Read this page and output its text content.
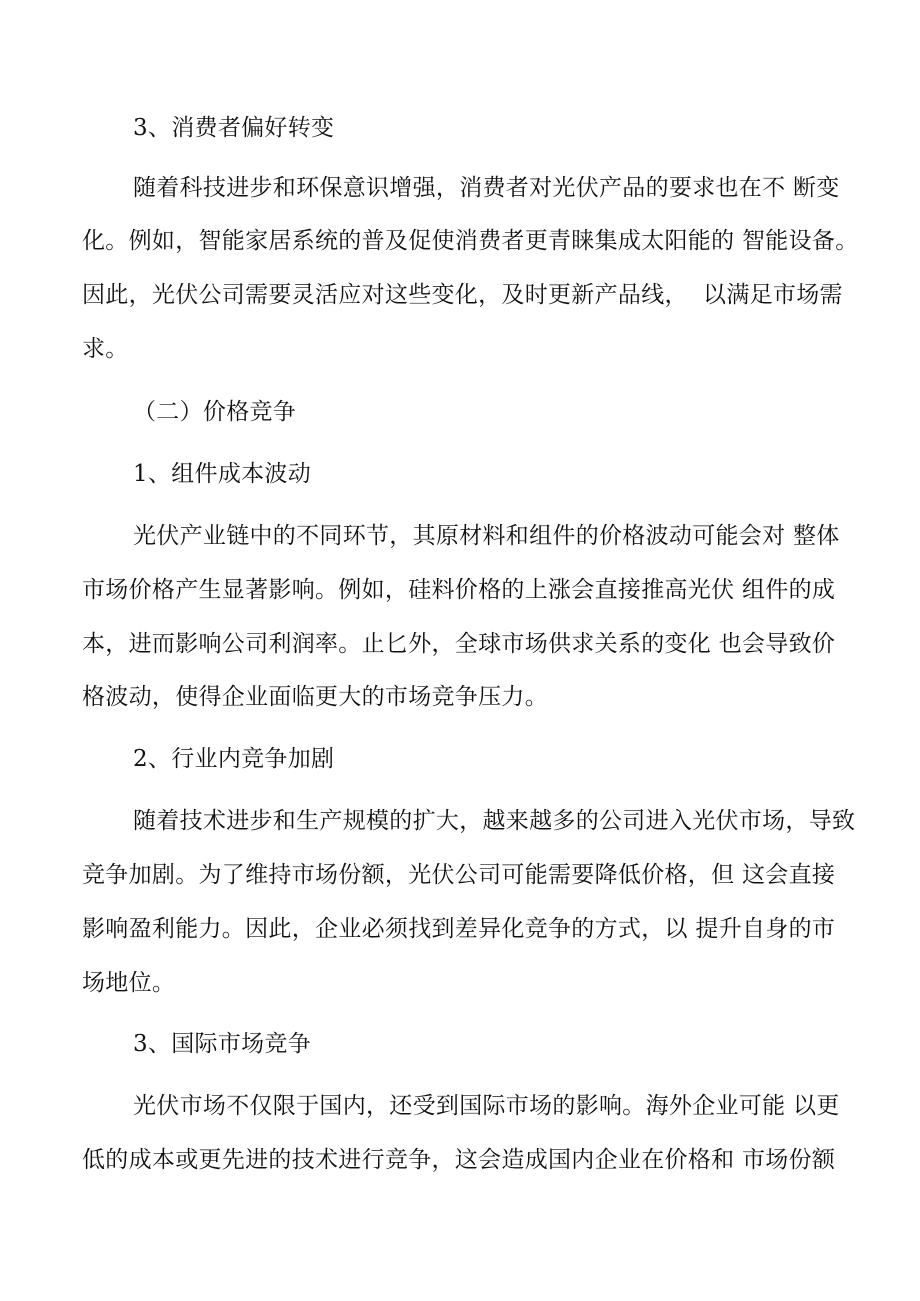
3、消费者偏好转变
随着科技进步和环保意识增强，消费者对光伏产品的要求也在不 断变
化。例如，智能家居系统的普及促使消费者更青睐集成太阳能的 智能设备。
因此，光伏公司需要灵活应对这些变化，及时更新产品线，  以满足市场需
求。
（二）价格竞争
1、组件成本波动
光伏产业链中的不同环节，其原材料和组件的价格波动可能会对 整体
市场价格产生显著影响。例如，硅料价格的上涨会直接推高光伏 组件的成
本，进而影响公司利润率。止匕外，全球市场供求关系的变化 也会导致价
格波动，使得企业面临更大的市场竞争压力。
2、行业内竞争加剧
随着技术进步和生产规模的扩大，越来越多的公司进入光伏市场，导致
竞争加剧。为了维持市场份额，光伏公司可能需要降低价格，但 这会直接
影响盈利能力。因此，企业必须找到差异化竞争的方式，以 提升自身的市
场地位。
3、国际市场竞争
光伏市场不仅限于国内，还受到国际市场的影响。海外企业可能 以更
低的成本或更先进的技术进行竞争，这会造成国内企业在价格和 市场份额
